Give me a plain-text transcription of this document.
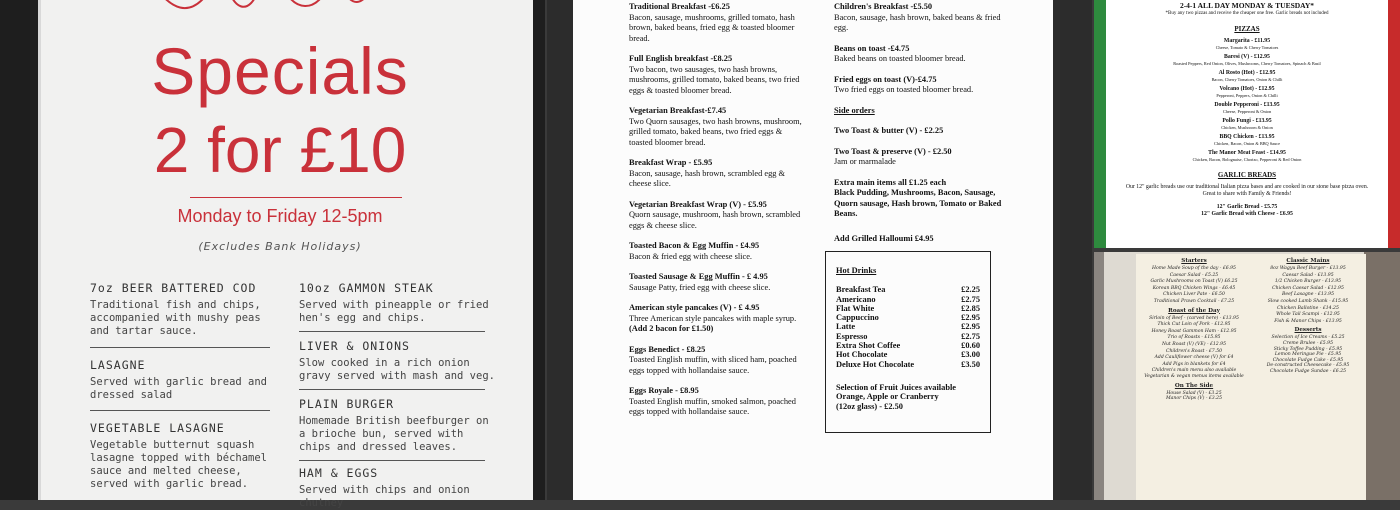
Specials
2 for £10
Monday to Friday 12-5pm
(Excludes Bank Holidays)
7oz BEER BATTERED COD
Traditional fish and chips, accompanied with mushy peas and tartar sauce.
LASAGNE
Served with garlic bread and dressed salad
VEGETABLE LASAGNE
Vegetable butternut squash lasagne topped with béchamel sauce and melted cheese, served with garlic bread.
10oz GAMMON STEAK
Served with pineapple or fried hen's egg and chips.
LIVER & ONIONS
Slow cooked in a rich onion gravy served with mash and veg.
PLAIN BURGER
Homemade British beefburger on a brioche bun, served with chips and dressed leaves.
HAM & EGGS
Served with chips and onion chutney
Traditional Breakfast -£6.25
Bacon, sausage, mushrooms, grilled tomato, hash brown, baked beans, fried egg & toasted bloomer bread.
Full English breakfast -£8.25
Two bacon, two sausages, two hash browns, mushrooms, grilled tomato, baked beans, two fried eggs & toasted bloomer bread.
Vegetarian Breakfast-£7.45
Two Quorn sausages, two hash browns, mushroom, grilled tomato, baked beans, two fried eggs & toasted bloomer bread.
Breakfast Wrap - £5.95
Bacon, sausage, hash brown, scrambled egg & cheese slice.
Vegetarian Breakfast Wrap (V) - £5.95
Quorn sausage, mushroom, hash brown, scrambled eggs & cheese slice.
Toasted Bacon & Egg Muffin - £4.95
Bacon & fried egg with cheese slice.
Toasted Sausage & Egg Muffin - £ 4.95
Sausage Patty, fried egg with cheese slice.
American style pancakes (V) - £ 4.95
Three American style pancakes with maple syrup.
(Add 2 bacon for £1.50)
Eggs Benedict - £8.25
Toasted English muffin, with sliced ham, poached eggs topped with hollandaise sauce.
Eggs Royale - £8.95
Toasted English muffin, smoked salmon, poached eggs topped with hollandaise sauce.
Children's Breakfast -£5.50
Bacon, sausage, hash brown, baked beans & fried egg.
Beans on toast -£4.75
Baked beans on toasted bloomer bread.
Fried eggs on toast (V)-£4.75
Two fried eggs on toasted bloomer bread.
Side orders
Two Toast & butter (V) - £2.25
Two Toast & preserve (V) - £2.50
Jam or marmalade
Extra main items all £1.25 each
Black Pudding, Mushrooms, Bacon, Sausage, Quorn sausage, Hash brown, Tomato or Baked Beans.
Add Grilled Halloumi £4.95
Hot Drinks
Breakfast Tea	£2.25
Americano	£2.75
Flat White	£2.85
Cappuccino	£2.95
Latte	£2.95
Espresso	£2.75
Extra Shot Coffee	£0.60
Hot Chocolate	£3.00
Deluxe Hot Chocolate	£3.50
Selection of Fruit Juices available
Orange, Apple or Cranberry
(12oz glass) - £2.50
2-4-1 ALL DAY MONDAY & TUESDAY*
*Buy any two pizzas and receive the cheaper one free. Garlic breads not included
PIZZAS
Margarita - £11.95
Cheese, Tomato & Cherry Tomatoes
Baresi (V) - £12.95
Roasted Peppers, Red Onion, Olives, Mushrooms, Cherry Tomatoes, Spinach & Basil
Al Rosto (Hot) - £12.95
Bacon, Cherry Tomatoes, Onion & Chilli
Volcano (Hot) - £12.95
Pepperoni, Peppers, Onion & Chilli
Double Pepperoni - £13.95
Cheese, Pepperoni & Onion
Pollo Fungi - £13.95
Chicken, Mushroom & Onion
BBQ Chicken - £13.95
Chicken, Bacon, Onion & BBQ Sauce
The Manor Meat Feast - £14.95
Chicken, Bacon, Bolognaise, Chorizo, Pepperoni & Red Onion
GARLIC BREADS
Our 12" garlic breads use our traditional Italian pizza bases and are cooked in our stone base pizza oven. Great to share with Family & Friends!
12" Garlic Bread - £5.75
12" Garlic Bread with Cheese - £6.95
Starters
Home Made Soup of the day - £6.95
Caesar Salad - £5.25
Garlic Mushrooms on Toast (V) £6.25
Korean BBQ Chicken Wings - £6.45
Chicken Liver Pate - £6.50
Traditional Prawn Cocktail - £7.25
Roast of the Day
Sirloin of Beef - (carved here) - £13.95
Thick Cut Loin of Pork - £12.95
Honey Roast Gammon Ham - £12.95
Trio of Roasts - £15.95
Nut Roast (V) (VE) - £12.95
Children's Roast - £7.50
Add Cauliflower cheese (V) for £4
Add Pigs in blankets for £4
Children's main menu also available
Vegetarian & vegan menus items available
On The Side
House Salad (V) - £3.25
Manor Chips (V) - £3.25
Classic Mains
8oz Wagyu Beef Burger - £13.95
Caesar Salad - £13.95
1/2 Chicken Burger - £13.95
Chicken Caesar Salad - £12.95
Beef Lasagne - £13.95
Slow cooked Lamb Shank - £15.95
Chicken Ballotine - £14.25
Whole Tail Scampi - £12.95
Fish & Manor Chips - £13.95
Desserts
Selection of Ice Creams - £5.25
Creme Brulee - £5.95
Sticky Toffee Pudding - £5.95
Lemon Meringue Pie - £5.95
Chocolate Fudge Cake - £5.95
De-constructed Cheesecake - £5.95
Chocolate Fudge Sundae - £6.25
